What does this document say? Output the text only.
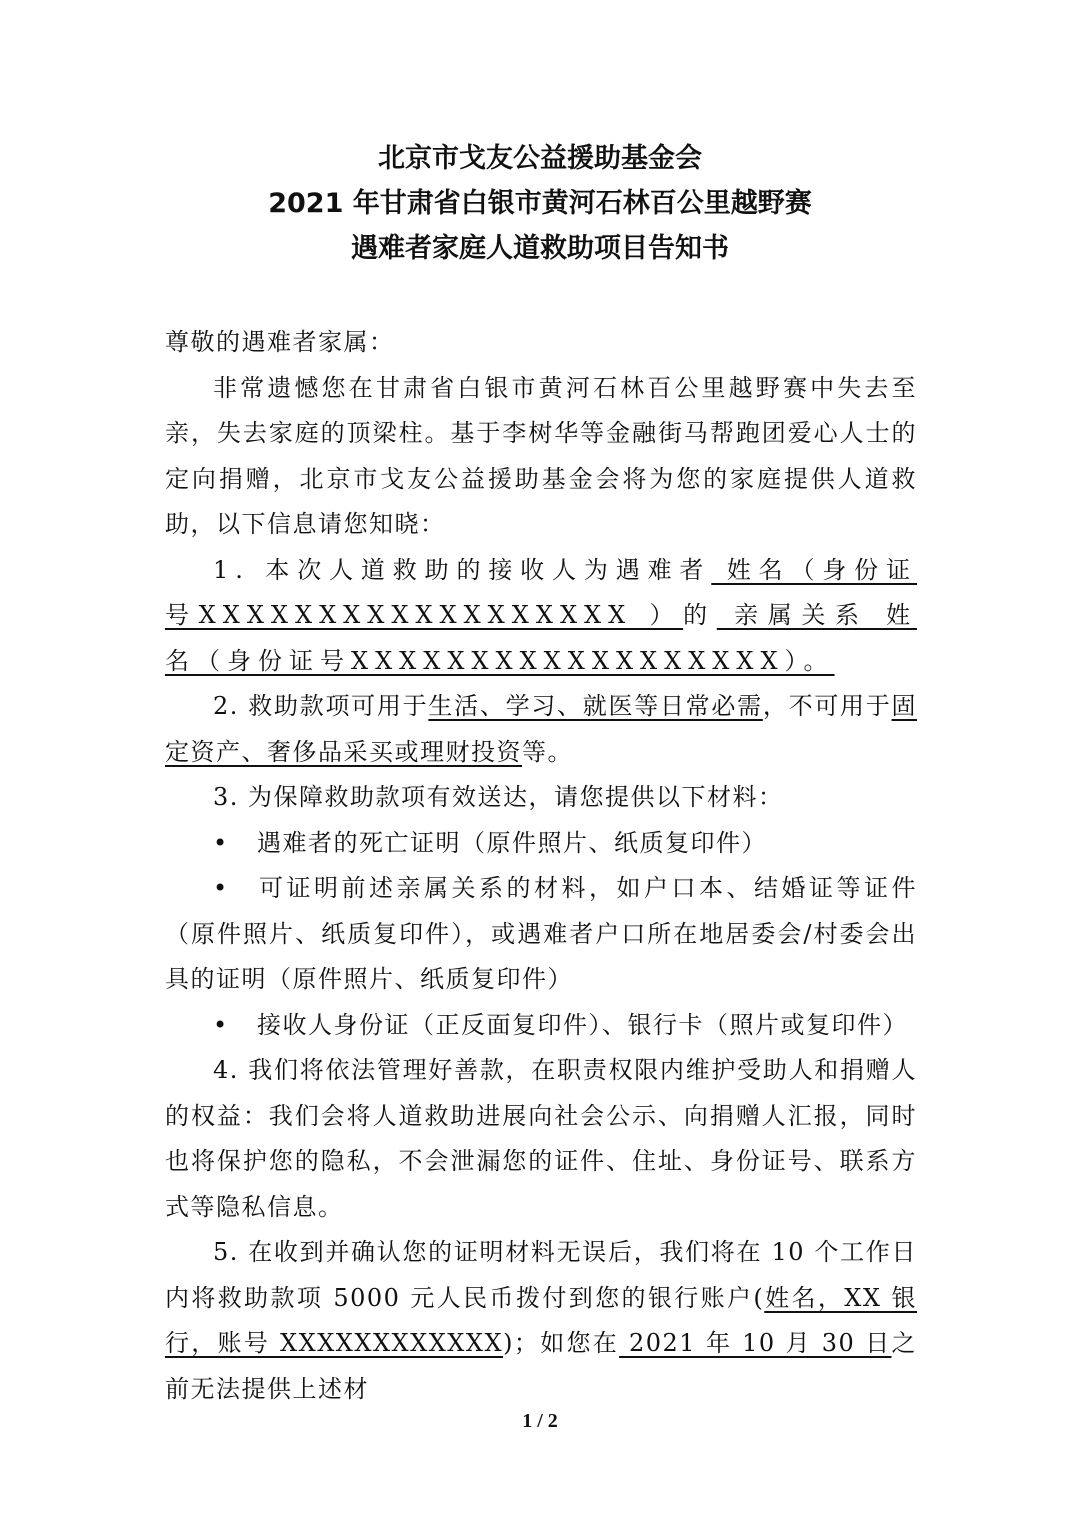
北京市戈友公益援助基金会
2021 年甘肃省白银市黄河石林百公里越野赛
遇难者家庭人道救助项目告知书

尊敬的遇难者家属：

非常遗憾您在甘肃省白银市黄河石林百公里越野赛中失去至亲，失去家庭的顶梁柱。基于李树华等金融街马帮跑团爱心人士的定向捐赠，北京市戈友公益援助基金会将为您的家庭提供人道救助，以下信息请您知晓：

1. 本次人道救助的接收人为遇难者 姓名（身份证号XXXXXXXXXXXXXXXXXX ）的 亲属关系 姓名（身份证号XXXXXXXXXXXXXXXXXX）。

2. 救助款项可用于生活、学习、就医等日常必需，不可用于固定资产、奢侈品采买或理财投资等。

3. 为保障救助款项有效送达，请您提供以下材料：

• 遇难者的死亡证明（原件照片、纸质复印件）

• 可证明前述亲属关系的材料，如户口本、结婚证等证件（原件照片、纸质复印件），或遇难者户口所在地居委会/村委会出具的证明（原件照片、纸质复印件）

• 接收人身份证（正反面复印件）、银行卡（照片或复印件）

4. 我们将依法管理好善款，在职责权限内维护受助人和捐赠人的权益：我们会将人道救助进展向社会公示、向捐赠人汇报，同时也将保护您的隐私，不会泄漏您的证件、住址、身份证号、联系方式等隐私信息。

5. 在收到并确认您的证明材料无误后，我们将在 10 个工作日内将救助款项 5000 元人民币拨付到您的银行账户(姓名，XX 银行，账号 XXXXXXXXXXXX)；如您在 2021 年 10 月 30 日之前无法提供上述材

1 / 2
